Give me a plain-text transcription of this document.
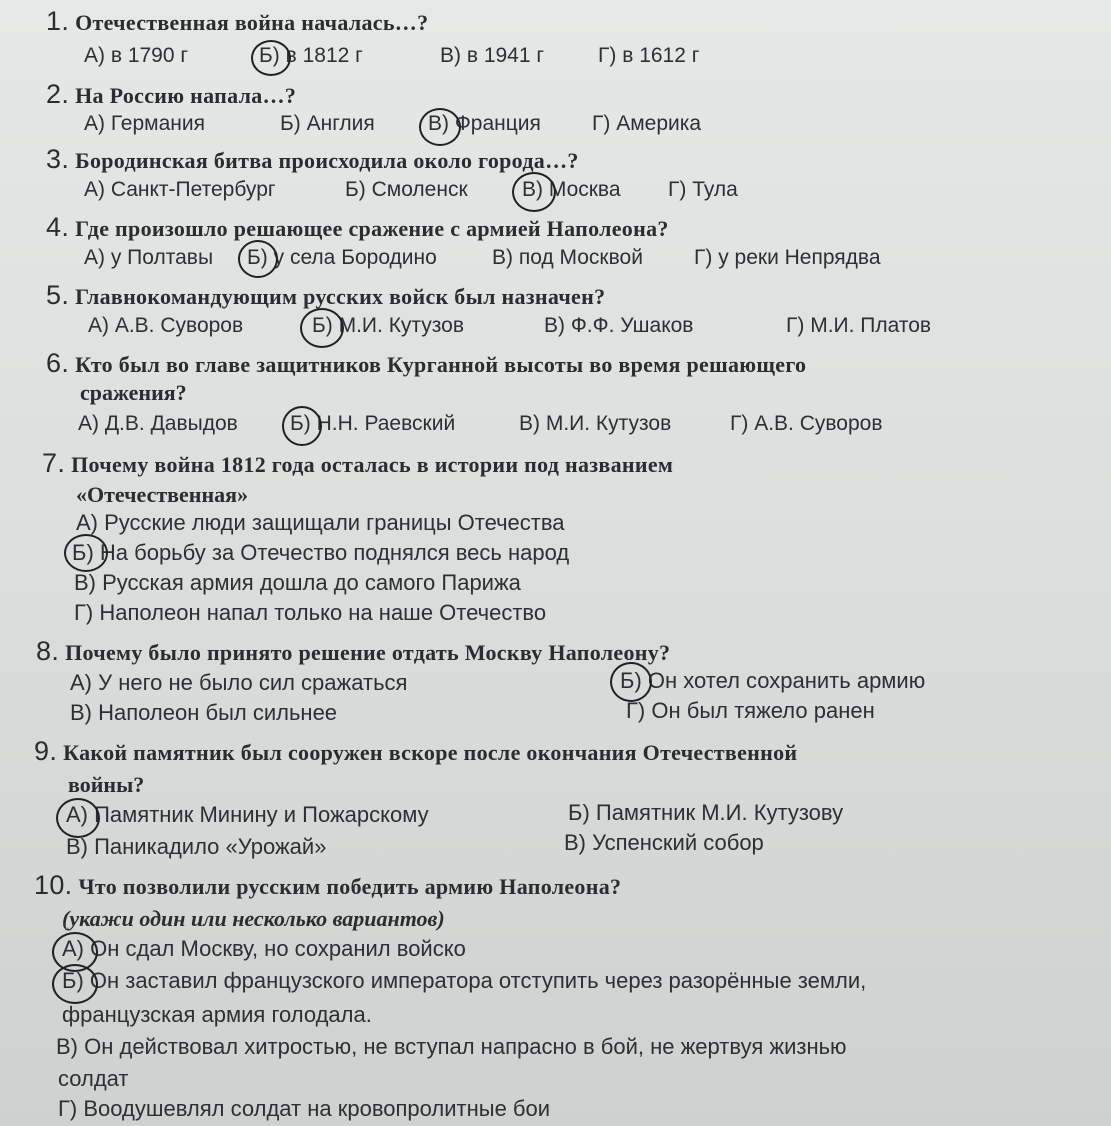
1. Отечественная война началась…?
А) в 1790 г	Б) в 1812 г	В) в 1941 г	Г) в 1612 г
2. На Россию напала…?
А) Германия	Б) Англия	В) Франция Г) Америка
3. Бородинская битва происходила около города…?
А) Санкт-Петербург	Б) Смоленск	В) Москва Г) Тула
4. Где произошло решающее сражение с армией Наполеона?
А) у Полтавы Б) у села Бородино	В) под Москвой Г) у реки Непрядва
5. Главнокомандующим русских войск был назначен?
А) А.В. Суворов	Б) М.И. Кутузов	В) Ф.Ф. Ушаков	Г) М.И. Платов
6. Кто был во главе защитников Курганной высоты во время решающего
сражения?
А) Д.В. Давыдов Б) Н.Н. Раевский	В) М.И. Кутузов	Г) А.В. Суворов
7. Почему война 1812 года осталась в истории под названием
«Отечественная»
А) Русские люди защищали границы Отечества
Б) На борьбу за Отечество поднялся весь народ
В) Русская армия дошла до самого Парижа
Г) Наполеон напал только на наше Отечество
8. Почему было принято решение отдать Москву Наполеону?
А) У него не было сил сражаться	Б) Он хотел сохранить армию
В) Наполеон был сильнее	Г) Он был тяжело ранен
9. Какой памятник был сооружен вскоре после окончания Отечественной
войны?
А) Памятник Минину и Пожарскому	Б) Памятник М.И. Кутузову
В) Паникадило «Урожай»	В) Успенский собор
10. Что позволили русским победить армию Наполеона?
(укажи один или несколько вариантов)
А) Он сдал Москву, но сохранил войско
Б) Он заставил французского императора отступить через разорённые земли,
французская армия голодала.
В) Он действовал хитростью, не вступал напрасно в бой, не жертвуя жизнью
солдат
Г) Воодушевлял солдат на кровопролитные бои
